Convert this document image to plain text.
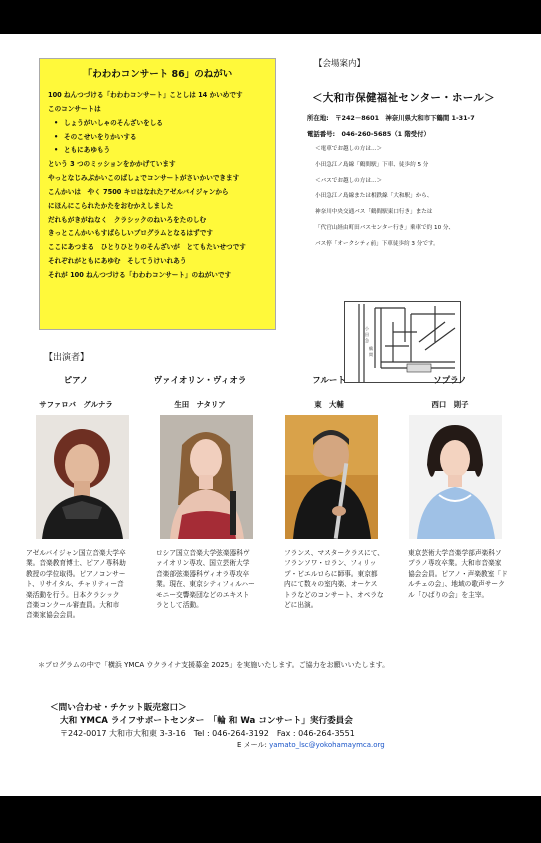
「わわわコンサート 86」のねがい
100 ねんつづける「わわわコンサート」ことしは 14 かいめです
このコンサートは
• しょうがいしゃのそんざいをしる
• そのこせいをりかいする
• ともにあゆもう
という 3 つのミッションをかかげています
やっとなじみぶかいこのばしょでコンサートがさいかいできます
こんかいは　やく 7500 キロはなれたアゼルバイジャンから
にほんにこられたかたをおむかえしました
だれもがきがねなく　クラシックのねいろをたのしむ
きっとこんかいもすばらしいプログラムとなるはずです
ここにあつまる　ひとりひとりのそんざいが　とてもたいせつです
それぞれがともにあゆむ　そしてうけいれあう
それが 100 ねんつづける「わわわコンサート」のねがいです
【会場案内】
＜大和市保健福祉センター・ホール＞
所在地:　〒242－8601　神奈川県大和市下鶴間 1-31-7
電話番号:　046-260-5685（1 階受付）
＜電車でお越しの方は…＞
小田急江ノ島線「鶴間駅」下車、徒歩約 5 分
＜バスでお越しの方は…＞
小田急江ノ島線または相鉄線「大和駅」から、
神奈川中央交通バス「鶴間駅東口行き」または
「代官山経由町田バスセンター行き」乗車で約 10 分、
バス停「オークシティ前」下車徒歩約 3 分です。
小
田
急
鶴
間
【出演者】
ピアノ
サファロバ　グルナラ
ヴァイオリン・ヴィオラ
生田　ナタリア
フルート
東　大輔
ソプラノ
西口　則子
アゼルバイジャン国立音楽大学卒業。音楽教育博士、ピアノ専科助教授の学位取得。ピアノコンサート、リサイタル、チャリティー音楽活動を行う。日本クラシック音楽コンクール審査員。大和市音楽家協会会員。
ロシア国立音楽大学弦楽器科ヴァイオリン専攻、国立芸術大学音楽部弦楽器科ヴィオラ専攻卒業。現在、東京シティフィルハーモニー交響楽団などのエキストラとして活動。
フランス、マスタークラスにて、フランソワ・ロラン、フィリップ・ビエルロらに師事。東京都内にて数々の室内楽、オーケストラなどのコンサート、オペラなどに出演。
東京芸術大学音楽学部声楽科ソプラノ専攻卒業。大和市音楽家協会会員。ピアノ・声楽教室「ドルチェの会」、地域の歌声サークル「ひばりの会」を主宰。
＊プログラムの中で「横浜 YMCA ウクライナ支援募金 2025」を実施いたします。ご協力をお願いいたします。
＜問い合わせ・チケット販売窓口＞
大和 YMCA ライフサポートセンター　「輪 和 Wa コンサート」実行委員会
〒242-0017 大和市大和東 3-3-16　Tel : 046-264-3192　Fax : 046-264-3551
E メール: yamato_lsc@yokohamaymca.org
